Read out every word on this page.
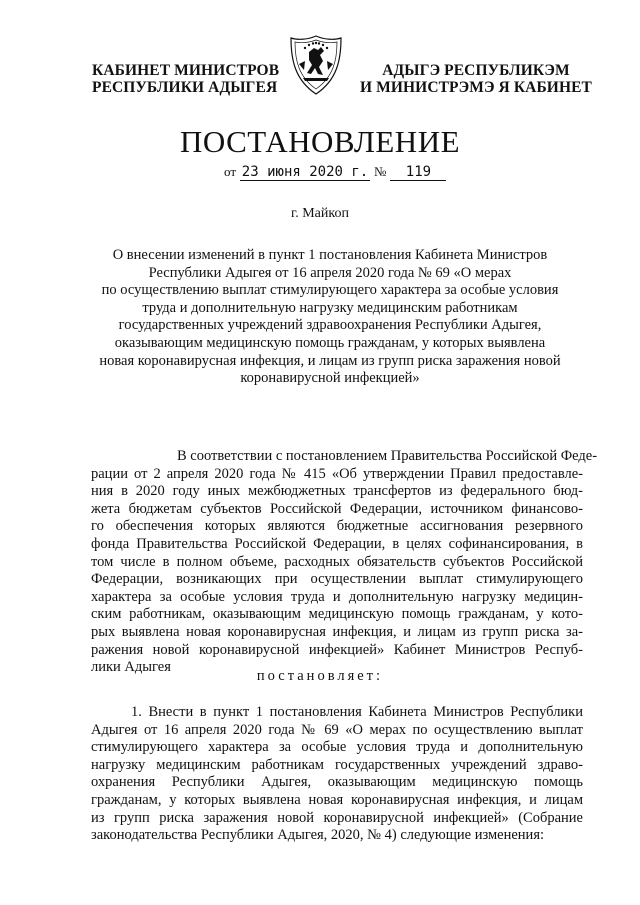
КАБИНЕТ МИНИСТРОВ
РЕСПУБЛИКИ АДЫГЕЯ
АДЫГЭ РЕСПУБЛИКЭМ
И МИНИСТРЭМЭ Я КАБИНЕТ
ПОСТАНОВЛЕНИЕ
от 23 июня 2020 г. № 119
г. Майкоп
О внесении изменений в пункт 1 постановления Кабинета Министров
Республики Адыгея от 16 апреля 2020 года № 69 «О мерах
по осуществлению выплат стимулирующего характера за особые условия
труда и дополнительную нагрузку медицинским работникам
государственных учреждений здравоохранения Республики Адыгея,
оказывающим медицинскую помощь гражданам, у которых выявлена
новая коронавирусная инфекция, и лицам из групп риска заражения новой
коронавирусной инфекцией»
В соответствии с постановлением Правительства Российской Феде-
рации от 2 апреля 2020 года № 415 «Об утверждении Правил предоставле-
ния в 2020 году иных межбюджетных трансфертов из федерального бюд-
жета бюджетам субъектов Российской Федерации, источником финансово-
го обеспечения которых являются бюджетные ассигнования резервного
фонда Правительства Российской Федерации, в целях софинансирования, в
том числе в полном объеме, расходных обязательств субъектов Российской
Федерации, возникающих при осуществлении выплат стимулирующего
характера за особые условия труда и дополнительную нагрузку медицин-
ским работникам, оказывающим медицинскую помощь гражданам, у кото-
рых выявлена новая коронавирусная инфекция, и лицам из групп риска за-
ражения новой коронавирусной инфекцией» Кабинет Министров Респуб-
лики Адыгея
постановляет:
1. Внести в пункт 1 постановления Кабинета Министров Республики
Адыгея от 16 апреля 2020 года № 69 «О мерах по осуществлению выплат
стимулирующего характера за особые условия труда и дополнительную
нагрузку медицинским работникам государственных учреждений здраво-
охранения Республики Адыгея, оказывающим медицинскую помощь
гражданам, у которых выявлена новая коронавирусная инфекция, и лицам
из групп риска заражения новой коронавирусной инфекцией» (Собрание
законодательства Республики Адыгея, 2020, № 4) следующие изменения:
